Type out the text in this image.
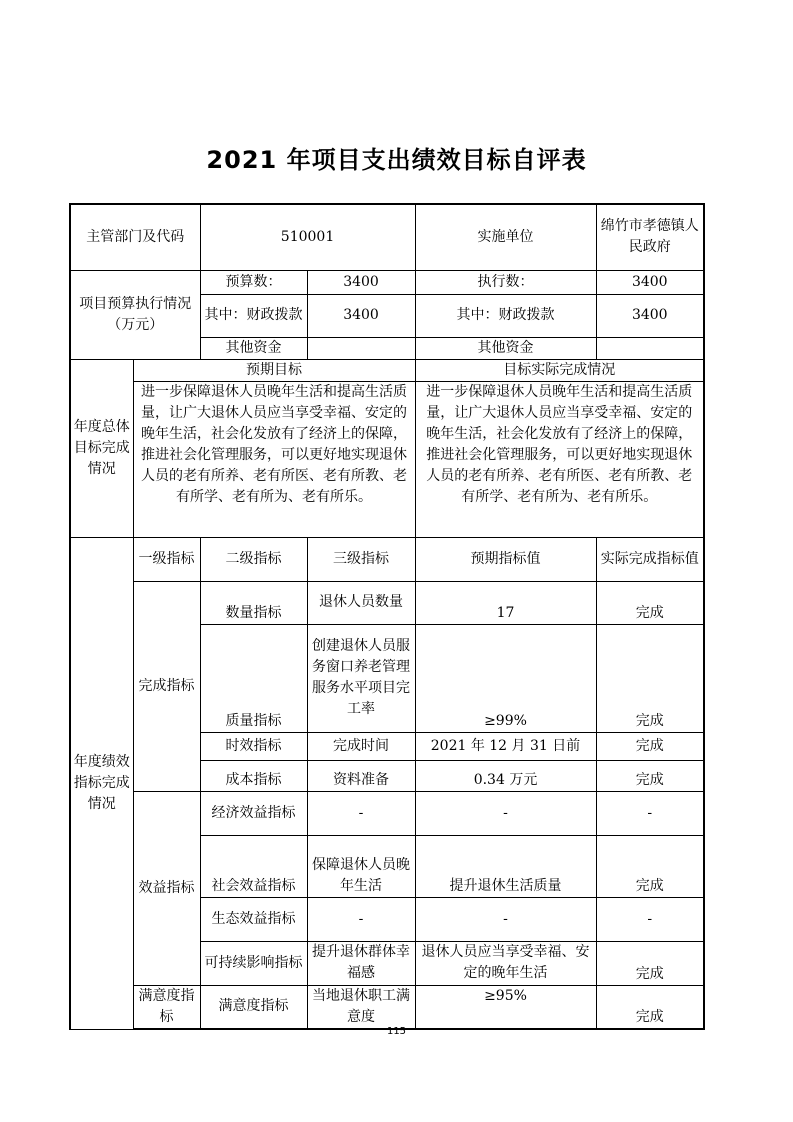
2021 年项目支出绩效目标自评表
主管部门及代码		510001		实施单位	绵竹市孝德镇人民政府
项目预算执行情况（万元）		预算数：	3400	执行数：	3400
		其中：财政拨款	3400	其中：财政拨款	3400
		其他资金		其他资金	
年度总体目标完成情况	预期目标			目标实际完成情况	
	进一步保障退休人员晚年生活和提高生活质量，让广大退休人员应当享受幸福、安定的晚年生活，社会化发放有了经济上的保障，推进社会化管理服务，可以更好地实现退休人员的老有所养、老有所医、老有所教、老有所学、老有所为、老有所乐。			进一步保障退休人员晚年生活和提高生活质量，让广大退休人员应当享受幸福、安定的晚年生活，社会化发放有了经济上的保障，推进社会化管理服务，可以更好地实现退休人员的老有所养、老有所医、老有所教、老有所学、老有所为、老有所乐。	
年度绩效指标完成情况	一级指标	二级指标	三级指标	预期指标值	实际完成指标值
	完成指标	数量指标	退休人员数量	17	完成
		质量指标	创建退休人员服务窗口养老管理服务水平项目完工率	≥99%	完成
		时效指标	完成时间	2021 年 12 月 31 日前	完成
		成本指标	资料准备	0.34 万元	完成
	效益指标	经济效益指标	-	-	-
		社会效益指标	保障退休人员晚年生活	提升退休生活质量	完成
		生态效益指标	-	-	-
		可持续影响指标	提升退休群体幸福感	退休人员应当享受幸福、安定的晚年生活	完成
	满意度指标	满意度指标	当地退休职工满意度	≥95%	完成
115
